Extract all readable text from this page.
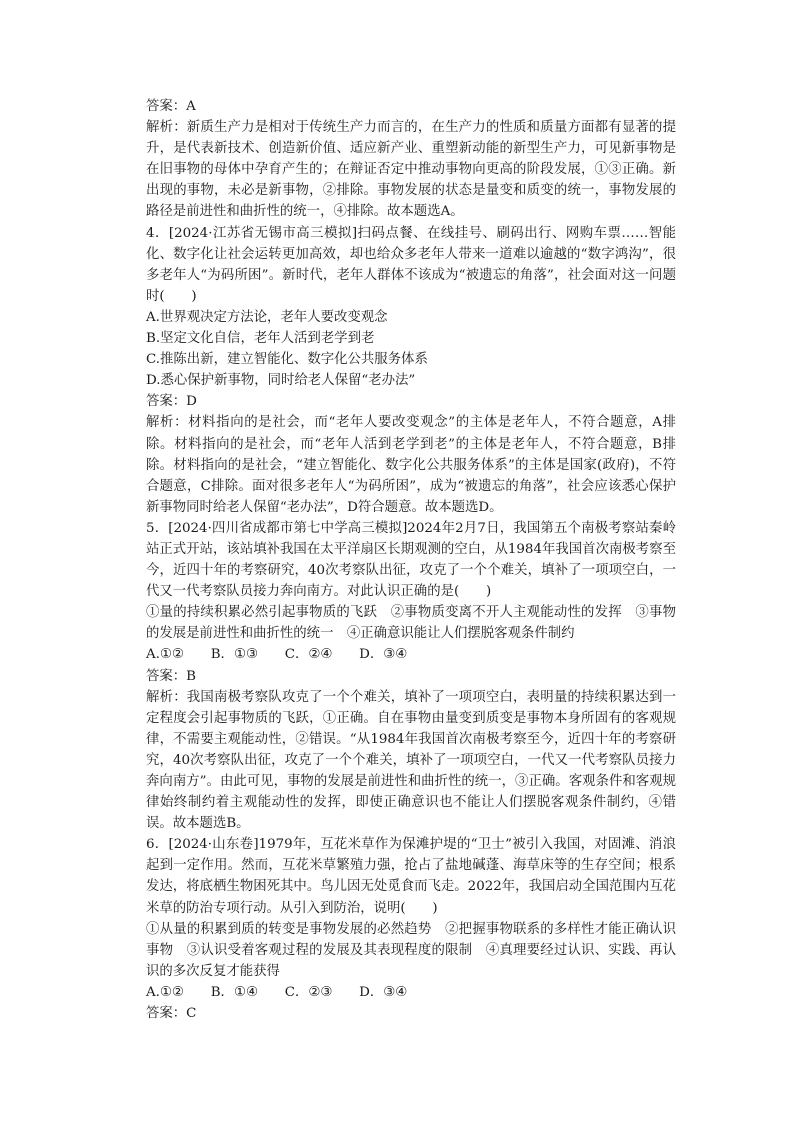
答案：A

解析：新质生产力是相对于传统生产力而言的，在生产力的性质和质量方面都有显著的提升，是代表新技术、创造新价值、适应新产业、重塑新动能的新型生产力，可见新事物是在旧事物的母体中孕育产生的；在辩证否定中推动事物向更高的阶段发展，①③正确。新出现的事物，未必是新事物，②排除。事物发展的状态是量变和质变的统一，事物发展的路径是前进性和曲折性的统一，④排除。故本题选A。

4．[2024·江苏省无锡市高三模拟]扫码点餐、在线挂号、刷码出行、网购车票……智能化、数字化让社会运转更加高效，却也给众多老年人带来一道难以逾越的“数字鸿沟”，很多老年人“为码所困”。新时代，老年人群体不该成为“被遗忘的角落”，社会面对这一问题时(　　)

A.世界观决定方法论，老年人要改变观念

B.坚定文化自信，老年人活到老学到老

C.推陈出新，建立智能化、数字化公共服务体系

D.悉心保护新事物，同时给老人保留“老办法”

答案：D

解析：材料指向的是社会，而“老年人要改变观念”的主体是老年人，不符合题意，A排除。材料指向的是社会，而“老年人活到老学到老”的主体是老年人，不符合题意，B排除。材料指向的是社会，“建立智能化、数字化公共服务体系”的主体是国家(政府)，不符合题意，C排除。面对很多老年人“为码所困”，成为“被遗忘的角落”，社会应该悉心保护新事物同时给老人保留“老办法”，D符合题意。故本题选D。

5．[2024·四川省成都市第七中学高三模拟]2024年2月7日，我国第五个南极考察站秦岭站正式开站，该站填补我国在太平洋扇区长期观测的空白，从1984年我国首次南极考察至今，近四十年的考察研究，40次考察队出征，攻克了一个个难关，填补了一项项空白，一代又一代考察队员接力奔向南方。对此认识正确的是(　　)

①量的持续积累必然引起事物质的飞跃　②事物质变离不开人主观能动性的发挥　③事物的发展是前进性和曲折性的统一　④正确意识能让人们摆脱客观条件制约

A.①②　　B．①③　　C．②④　　D．③④

答案：B

解析：我国南极考察队攻克了一个个难关，填补了一项项空白，表明量的持续积累达到一定程度会引起事物质的飞跃，①正确。自在事物由量变到质变是事物本身所固有的客观规律，不需要主观能动性，②错误。“从1984年我国首次南极考察至今，近四十年的考察研究，40次考察队出征，攻克了一个个难关，填补了一项项空白，一代又一代考察队员接力奔向南方”。由此可见，事物的发展是前进性和曲折性的统一，③正确。客观条件和客观规律始终制约着主观能动性的发挥，即使正确意识也不能让人们摆脱客观条件制约，④错误。故本题选B。

6．[2024·山东卷]1979年，互花米草作为保滩护堤的“卫士”被引入我国，对固滩、消浪起到一定作用。然而，互花米草繁殖力强，抢占了盐地碱蓬、海草床等的生存空间；根系发达，将底栖生物困死其中。鸟儿因无处觅食而飞走。2022年，我国启动全国范围内互花米草的防治专项行动。从引入到防治，说明(　　)

①从量的积累到质的转变是事物发展的必然趋势　②把握事物联系的多样性才能正确认识事物　③认识受着客观过程的发展及其表现程度的限制　④真理要经过认识、实践、再认识的多次反复才能获得

A.①②　　B．①④　　C．②③　　D．③④

答案：C
